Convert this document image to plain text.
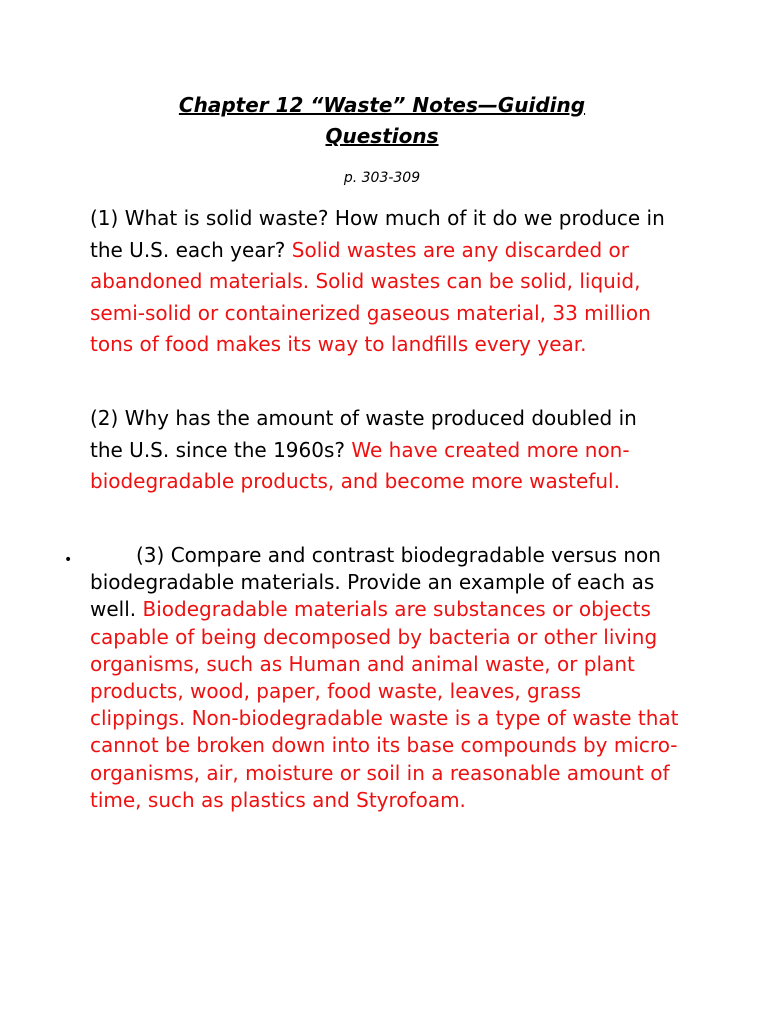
Chapter 12 “Waste” Notes—Guiding Questions
p. 303-309
(1) What is solid waste? How much of it do we produce in the U.S. each year? Solid wastes are any discarded or abandoned materials. Solid wastes can be solid, liquid, semi-solid or containerized gaseous material, 33 million tons of food makes its way to landfills every year.
(2) Why has the amount of waste produced doubled in the U.S. since the 1960s? We have created more non-biodegradable products, and become more wasteful.
•	(3) Compare and contrast biodegradable versus non biodegradable materials. Provide an example of each as well. Biodegradable materials are substances or objects capable of being decomposed by bacteria or other living organisms, such as Human and animal waste, or plant products, wood, paper, food waste, leaves, grass clippings. Non-biodegradable waste is a type of waste that cannot be broken down into its base compounds by micro-organisms, air, moisture or soil in a reasonable amount of time, such as plastics and Styrofoam.
